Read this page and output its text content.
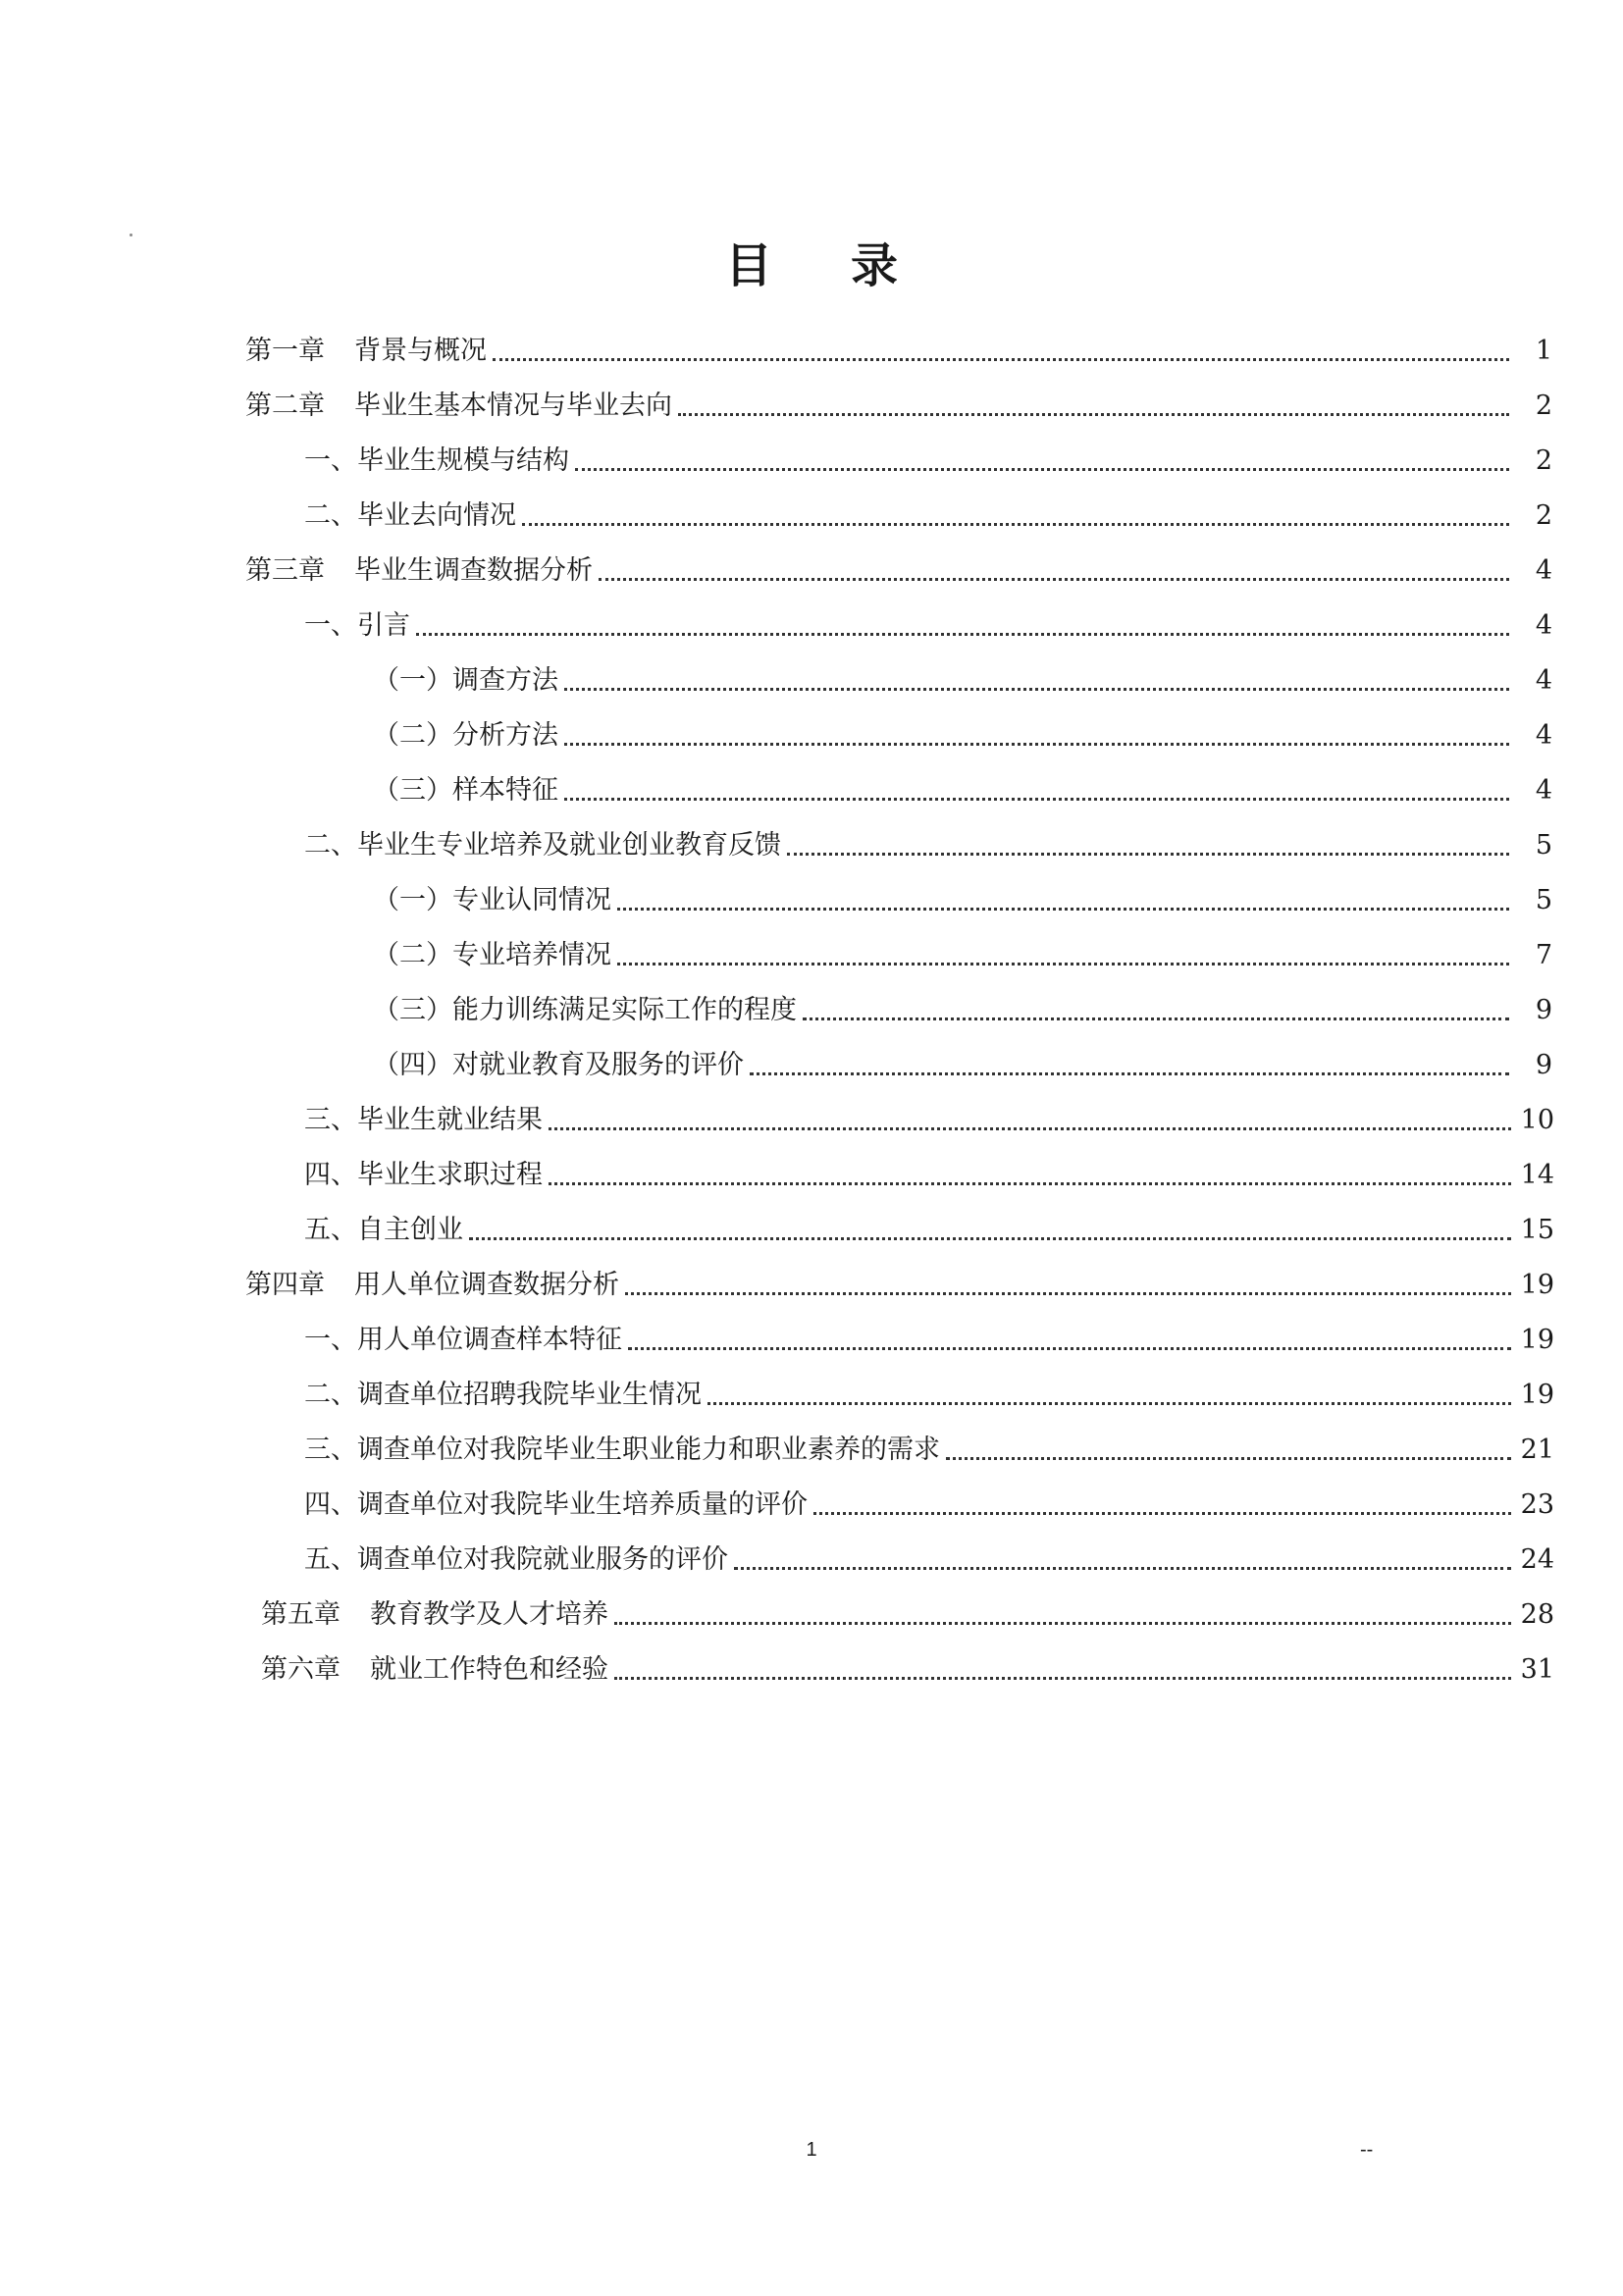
目 录
第一章 背景与概况	1
第二章 毕业生基本情况与毕业去向	2
一、毕业生规模与结构	2
二、毕业去向情况	2
第三章 毕业生调查数据分析	4
一、引言	4
（一）调查方法	4
（二）分析方法	4
（三）样本特征	4
二、毕业生专业培养及就业创业教育反馈	5
（一）专业认同情况	5
（二）专业培养情况	7
（三）能力训练满足实际工作的程度	9
（四）对就业教育及服务的评价	9
三、毕业生就业结果	10
四、毕业生求职过程	14
五、自主创业	15
第四章 用人单位调查数据分析	19
一、用人单位调查样本特征	19
二、调查单位招聘我院毕业生情况	19
三、调查单位对我院毕业生职业能力和职业素养的需求	21
四、调查单位对我院毕业生培养质量的评价	23
五、调查单位对我院就业服务的评价	24
第五章 教育教学及人才培养	28
第六章 就业工作特色和经验	31
1	--
